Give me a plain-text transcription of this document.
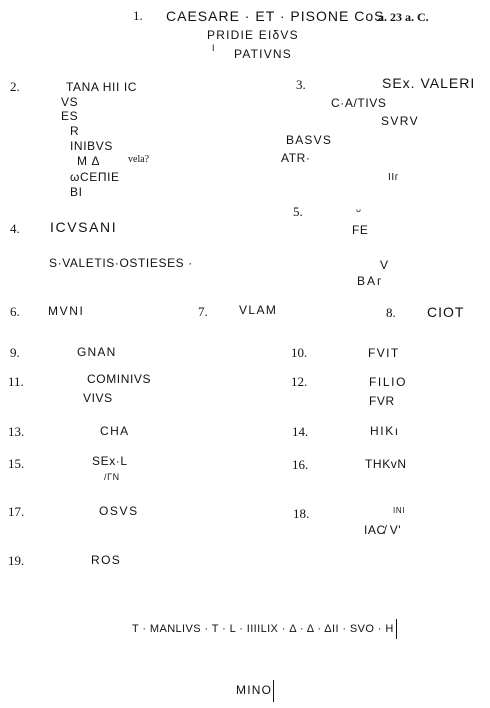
1. CAESARE · ET · PISONE CoS
a. 23 a. C.
PRIDIE EIδVS
I PATIVNS
2.	TANA HII IC
VS
ES
R
INIBVS
M Δ	vela?
ωCEΠIE
BI
3.	SEx. VALERI
C·A/TIVS
SVRV
BASVS
ATR·
IIᴦ
4. ICVSANI
S·VALETIS·OSTIESES ·
5.	ᴗ
FE
V
BAᴦ
6. MVNI	7.	VLAM	8. CIOT
9.	GNAN	10.	FVIT
11.	COMINIVS
VIVS
12.	FILIO
FVR
13.	CHA	14.	HIKı
15.	SEx·L
/ΓΝ
16.	THKvN
17.	OSVS	18.	INI
IAC̸ V'
19.	ROS
T · MANLIVS · T · L · IIIILIX · Δ · Δ · ΔII · SVO · H
MINO
